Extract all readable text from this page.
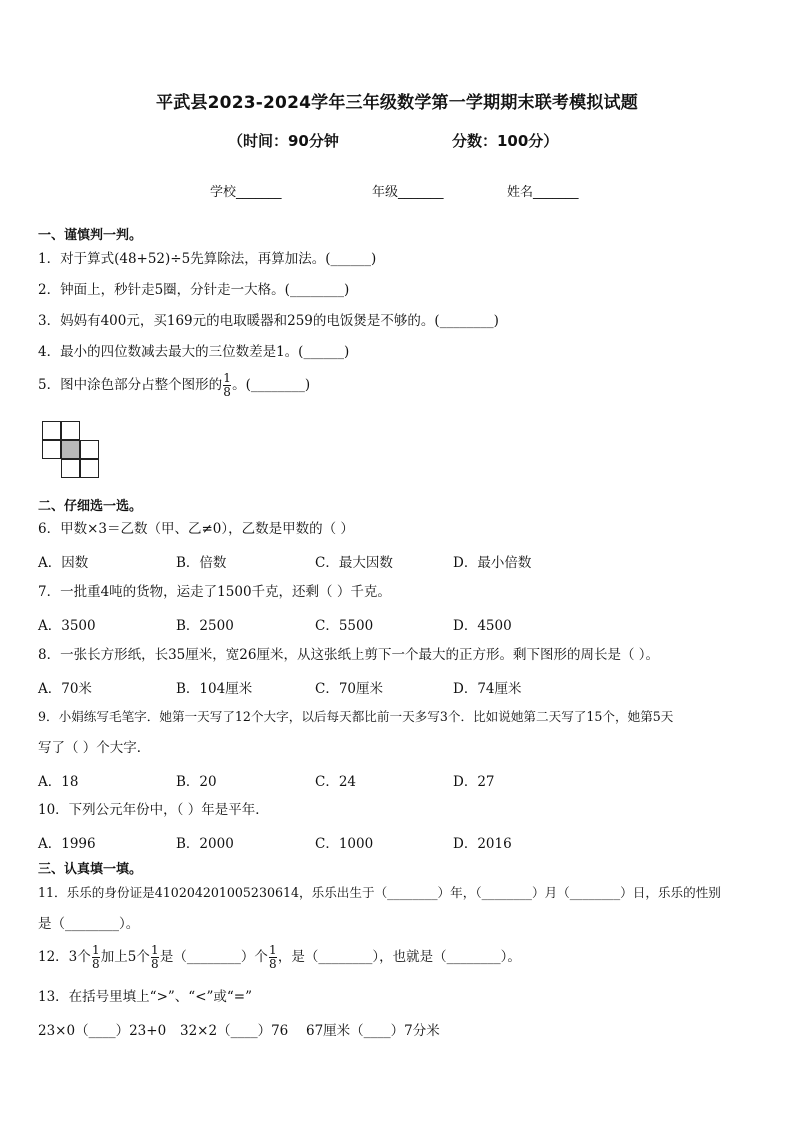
平武县2023-2024学年三年级数学第一学期期末联考模拟试题
（时间：90分钟	分数：100分）
学校_______	年级_______	姓名_______
一、谨慎判一判。
1．对于算式(48+52)÷5先算除法，再算加法。(______)
2．钟面上，秒针走5圈，分针走一大格。(________)
3．妈妈有400元，买169元的电取暖器和259的电饭煲是不够的。(________)
4．最小的四位数减去最大的三位数差是1。(______)
5．图中涂色部分占整个图形的 $\frac{1}{8}$ 。(________)
二、仔细选一选。
6．甲数×3＝乙数（甲、乙≠0），乙数是甲数的（ ）
A．因数	B．倍数	C．最大因数	D．最小倍数
7．一批重4吨的货物，运走了1500千克，还剩（ ）千克。
A．3500	B．2500	C．5500	D．4500
8．一张长方形纸，长35厘米，宽26厘米，从这张纸上剪下一个最大的正方形。剩下图形的周长是（ ）。
A．70米	B．104厘米	C．70厘米	D．74厘米
9．小娟练写毛笔字．她第一天写了12个大字，以后每天都比前一天多写3个．比如说她第二天写了15个，她第5天
写了（ ）个大字．
A．18	B．20	C．24	D．27
10．下列公元年份中，（ ）年是平年．
A．1996	B．2000	C．1000	D．2016
三、认真填一填。
11．乐乐的身份证是410204201005230614，乐乐出生于（________）年，（________）月（________）日，乐乐的性别
是（________）。
12．3个 $\frac{1}{8}$ 加上5个 $\frac{1}{8}$ 是（________）个 $\frac{1}{8}$ ，是（________），也就是（________）。
13．在括号里填上“>”、“<”或“=”
23×0（____）23+0 32×2（____）76 67厘米（____）7分米
